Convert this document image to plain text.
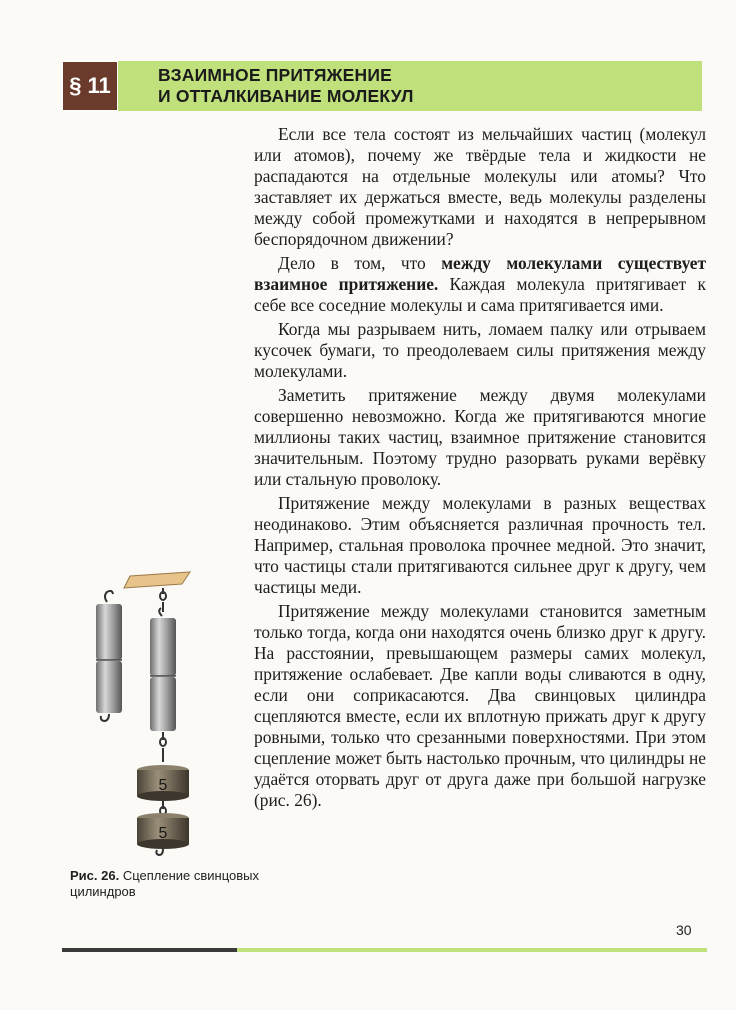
§ 11	ВЗАИМНОЕ ПРИТЯЖЕНИЕ
И ОТТАЛКИВАНИЕ МОЛЕКУЛ

Если все тела состоят из мельчайших частиц (молекул или атомов), почему же твёрдые тела и жидкости не распадаются на отдельные молекулы или атомы? Что заставляет их держаться вместе, ведь молекулы разделены между собой промежутками и находятся в непрерывном беспорядочном движении?

Дело в том, что между молекулами существует взаимное притяжение. Каждая молекула притягивает к себе все соседние молекулы и сама притягивается ими.

Когда мы разрываем нить, ломаем палку или отрываем кусочек бумаги, то преодолеваем силы притяжения между молекулами.

Заметить притяжение между двумя молекулами совершенно невозможно. Когда же притягиваются многие миллионы таких частиц, взаимное притяжение становится значительным. Поэтому трудно разорвать руками верёвку или стальную проволоку.

Притяжение между молекулами в разных веществах неодинаково. Этим объясняется различная прочность тел. Например, стальная проволока прочнее медной. Это значит, что частицы стали притягиваются сильнее друг к другу, чем частицы меди.

Притяжение между молекулами становится заметным только тогда, когда они находятся очень близко друг к другу. На расстоянии, превышающем размеры самих молекул, притяжение ослабевает. Две капли воды сливаются в одну, если они соприкасаются. Два свинцовых цилиндра сцепляются вместе, если их вплотную прижать друг к другу ровными, только что срезанными поверхностями. При этом сцепление может быть настолько прочным, что цилиндры не удаётся оторвать друг от друга даже при большой нагрузке (рис. 26).

5
5
Рис. 26. Сцепление свинцовых цилиндров
30
